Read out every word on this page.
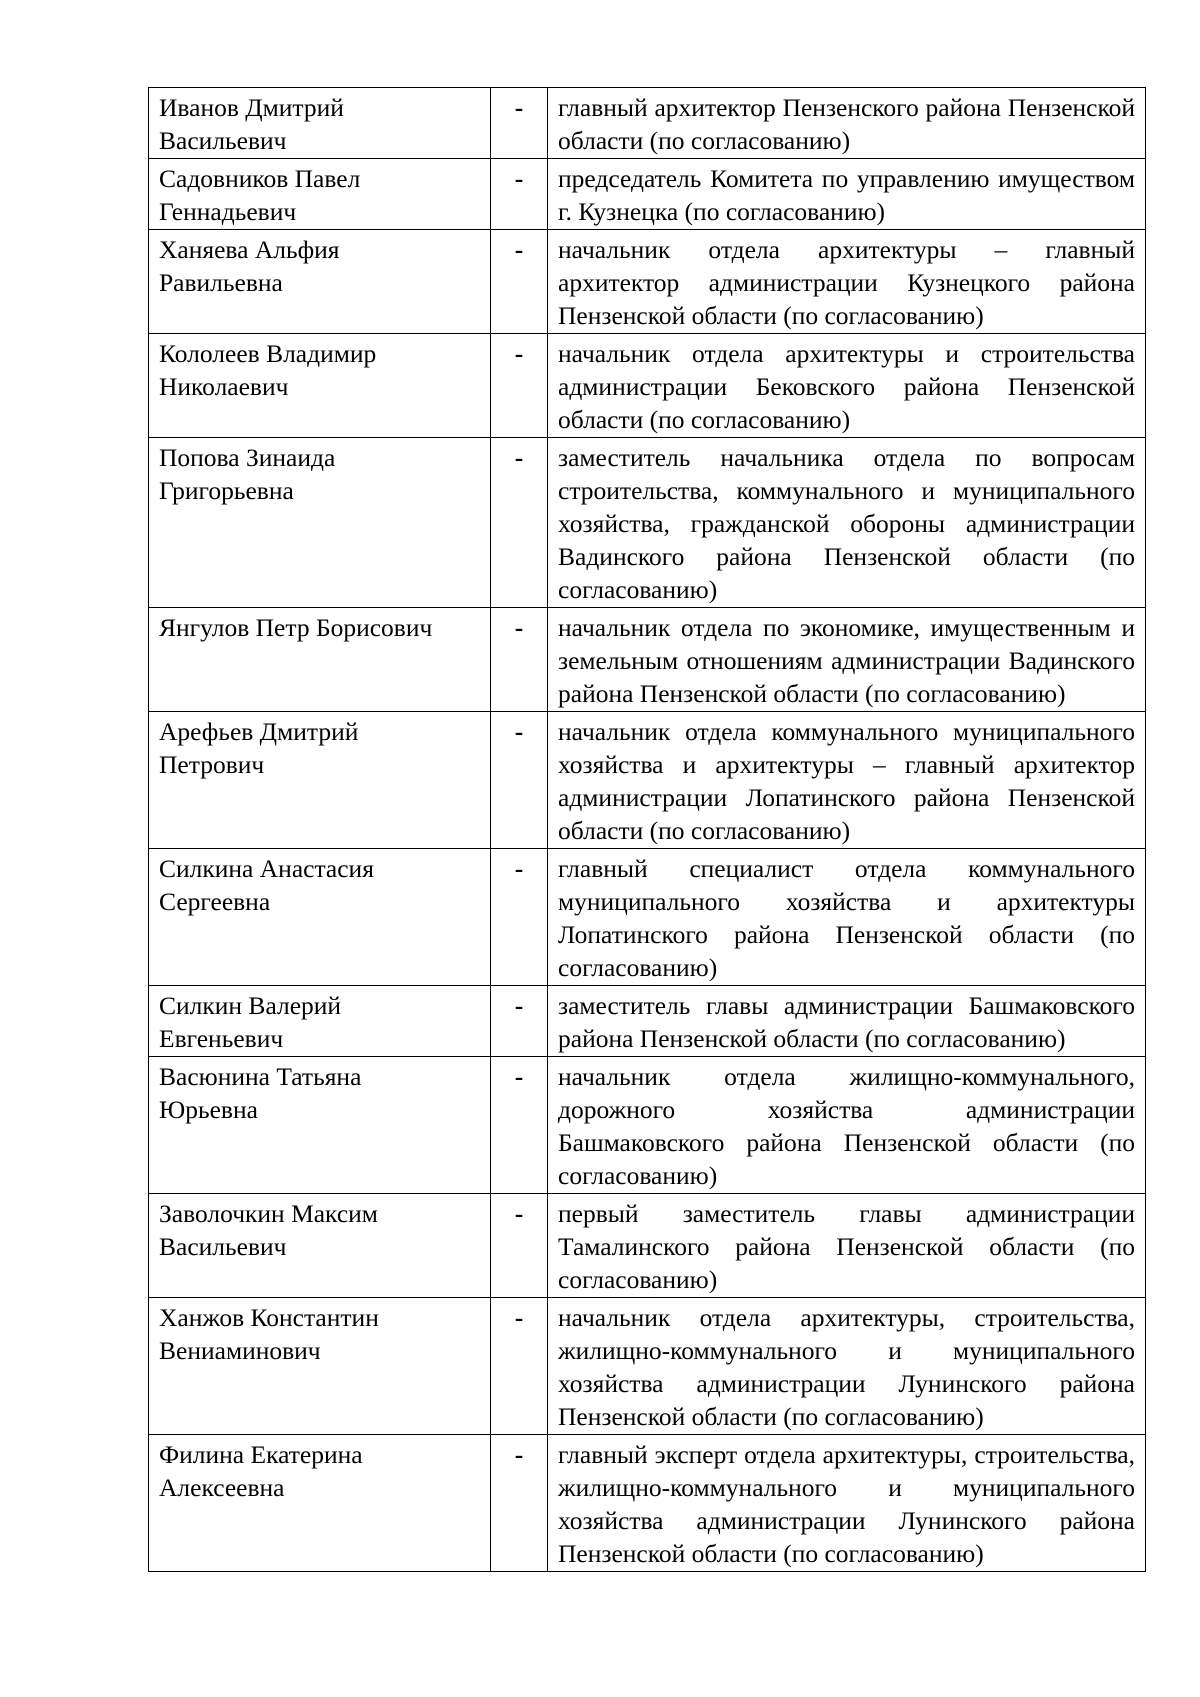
Иванов Дмитрий
Васильевич	-	главный архитектор Пензенского района Пензенской области (по согласованию)
Садовников Павел
Геннадьевич	-	председатель Комитета по управлению имуществом г. Кузнецка (по согласованию)
Ханяева Альфия
Равильевна	-	начальник отдела архитектуры – главный архитектор администрации Кузнецкого района Пензенской области (по согласованию)
Кололеев Владимир
Николаевич	-	начальник отдела архитектуры и строительства администрации Бековского района Пензенской области (по согласованию)
Попова Зинаида
Григорьевна	-	заместитель начальника отдела по вопросам строительства, коммунального и муниципального хозяйства, гражданской обороны администрации Вадинского района Пензенской области (по согласованию)
Янгулов Петр Борисович	-	начальник отдела по экономике, имущественным и земельным отношениям администрации Вадинского района Пензенской области (по согласованию)
Арефьев Дмитрий
Петрович	-	начальник отдела коммунального муниципального хозяйства и архитектуры – главный архитектор администрации Лопатинского района Пензенской области (по согласованию)
Силкина Анастасия
Сергеевна	-	главный специалист отдела коммунального муниципального хозяйства и архитектуры Лопатинского района Пензенской области (по согласованию)
Силкин Валерий
Евгеньевич	-	заместитель главы администрации Башмаковского района Пензенской области (по согласованию)
Васюнина Татьяна
Юрьевна	-	начальник отдела жилищно-коммунального, дорожного хозяйства администрации Башмаковского района Пензенской области (по согласованию)
Заволочкин Максим
Васильевич	-	первый заместитель главы администрации Тамалинского района Пензенской области (по согласованию)
Ханжов Константин
Вениаминович	-	начальник отдела архитектуры, строительства, жилищно-коммунального и муниципального хозяйства администрации Лунинского района Пензенской области (по согласованию)
Филина Екатерина
Алексеевна	-	главный эксперт отдела архитектуры, строительства, жилищно-коммунального и муниципального хозяйства администрации Лунинского района Пензенской области (по согласованию)
